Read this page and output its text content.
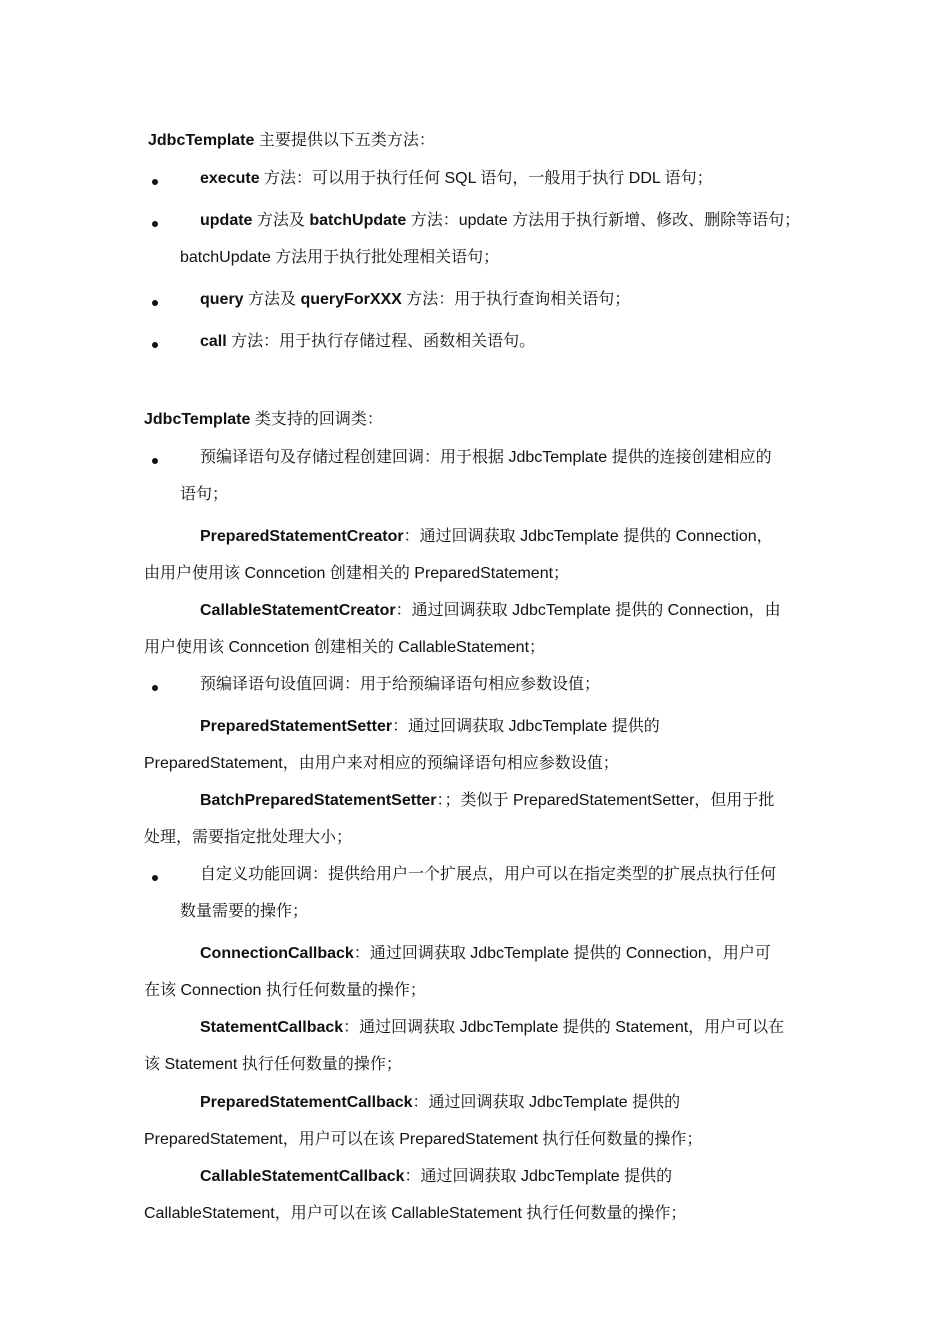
JdbcTemplate 主要提供以下五类方法：
execute 方法：可以用于执行任何 SQL 语句，一般用于执行 DDL 语句；
update 方法及 batchUpdate 方法：update 方法用于执行新增、修改、删除等语句；
batchUpdate 方法用于执行批处理相关语句；
query 方法及 queryForXXX 方法：用于执行查询相关语句；
call 方法：用于执行存储过程、函数相关语句。
JdbcTemplate 类支持的回调类：
预编译语句及存储过程创建回调：用于根据 JdbcTemplate 提供的连接创建相应的
语句；
PreparedStatementCreator：通过回调获取 JdbcTemplate 提供的 Connection，
由用户使用该 Conncetion 创建相关的 PreparedStatement；
CallableStatementCreator：通过回调获取 JdbcTemplate 提供的 Connection，由
用户使用该 Conncetion 创建相关的 CallableStatement；
预编译语句设值回调：用于给预编译语句相应参数设值；
PreparedStatementSetter：通过回调获取 JdbcTemplate 提供的
PreparedStatement，由用户来对相应的预编译语句相应参数设值；
BatchPreparedStatementSetter：；类似于 PreparedStatementSetter，但用于批
处理，需要指定批处理大小；
自定义功能回调：提供给用户一个扩展点，用户可以在指定类型的扩展点执行任何
数量需要的操作；
ConnectionCallback：通过回调获取 JdbcTemplate 提供的 Connection，用户可
在该 Connection 执行任何数量的操作；
StatementCallback：通过回调获取 JdbcTemplate 提供的 Statement，用户可以在
该 Statement 执行任何数量的操作；
PreparedStatementCallback：通过回调获取 JdbcTemplate 提供的
PreparedStatement，用户可以在该 PreparedStatement 执行任何数量的操作；
CallableStatementCallback：通过回调获取 JdbcTemplate 提供的
CallableStatement，用户可以在该 CallableStatement 执行任何数量的操作；
